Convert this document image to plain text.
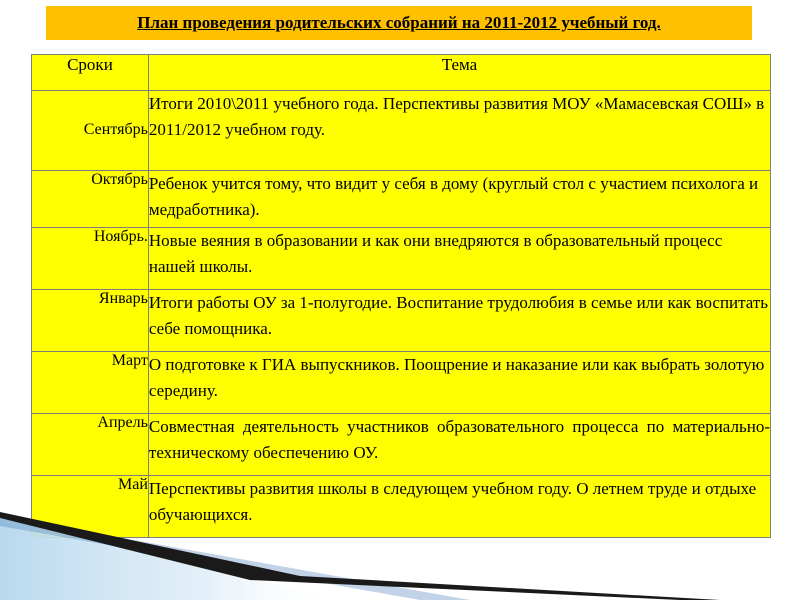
План проведения родительских собраний на 2011-2012 учебный год.
Сроки	Тема
Сентябрь	Итоги 2010\2011 учебного года. Перспективы развития МОУ «Мамасевская СОШ» в 2011/2012 учебном году.
Октябрь	Ребенок учится тому, что видит у себя в дому (круглый стол с участием психолога и медработника).
Ноябрь.	Новые веяния в образовании и как они внедряются в образовательный процесс нашей школы.
Январь	Итоги работы ОУ за 1-полугодие. Воспитание трудолюбия в семье или как воспитать себе помощника.
Март	О подготовке к ГИА выпускников. Поощрение и наказание или как выбрать золотую середину.
Апрель	Совместная деятельность участников образовательного процесса по материально-техническому обеспечению ОУ.
Май	Перспективы развития школы в следующем учебном году. О летнем труде и отдыхе обучающихся.
